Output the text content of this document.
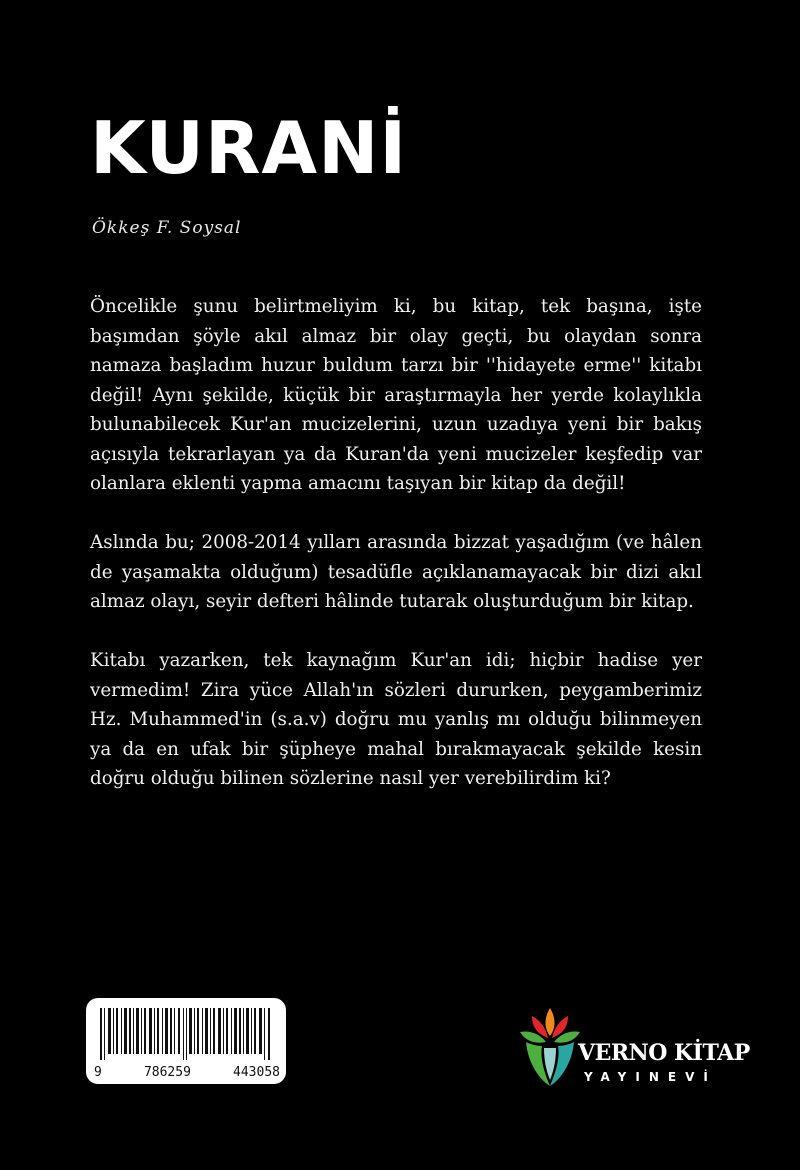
KURANİ
Ökkeş F. Soysal

Öncelikle şunu belirtmeliyim ki, bu kitap, tek başına, işte başımdan şöyle akıl almaz bir olay geçti, bu olaydan sonra namaza başladım huzur buldum tarzı bir ''hidayete erme'' kitabı değil! Aynı şekilde, küçük bir araştırmayla her yerde kolaylıkla bulunabilecek Kur'an mucizelerini, uzun uzadıya yeni bir bakış açısıyla tekrarlayan ya da Kuran'da yeni mucizeler keşfedip var olanlara eklenti yapma amacını taşıyan bir kitap da değil!

Aslında bu; 2008-2014 yılları arasında bizzat yaşadığım (ve hâlen de yaşamakta olduğum) tesadüfle açıklanamayacak bir dizi akıl almaz olayı, seyir defteri hâlinde tutarak oluşturduğum bir kitap.

Kitabı yazarken, tek kaynağım Kur'an idi; hiçbir hadise yer vermedim! Zira yüce Allah'ın sözleri dururken, peygamberimiz Hz. Muhammed'in (s.a.v) doğru mu yanlış mı olduğu bilinmeyen ya da en ufak bir şüpheye mahal bırakmayacak şekilde kesin doğru olduğu bilinen sözlerine nasıl yer verebilirdim ki?

9	786259	443058
VERNO KİTAP
YAYINEVİ
